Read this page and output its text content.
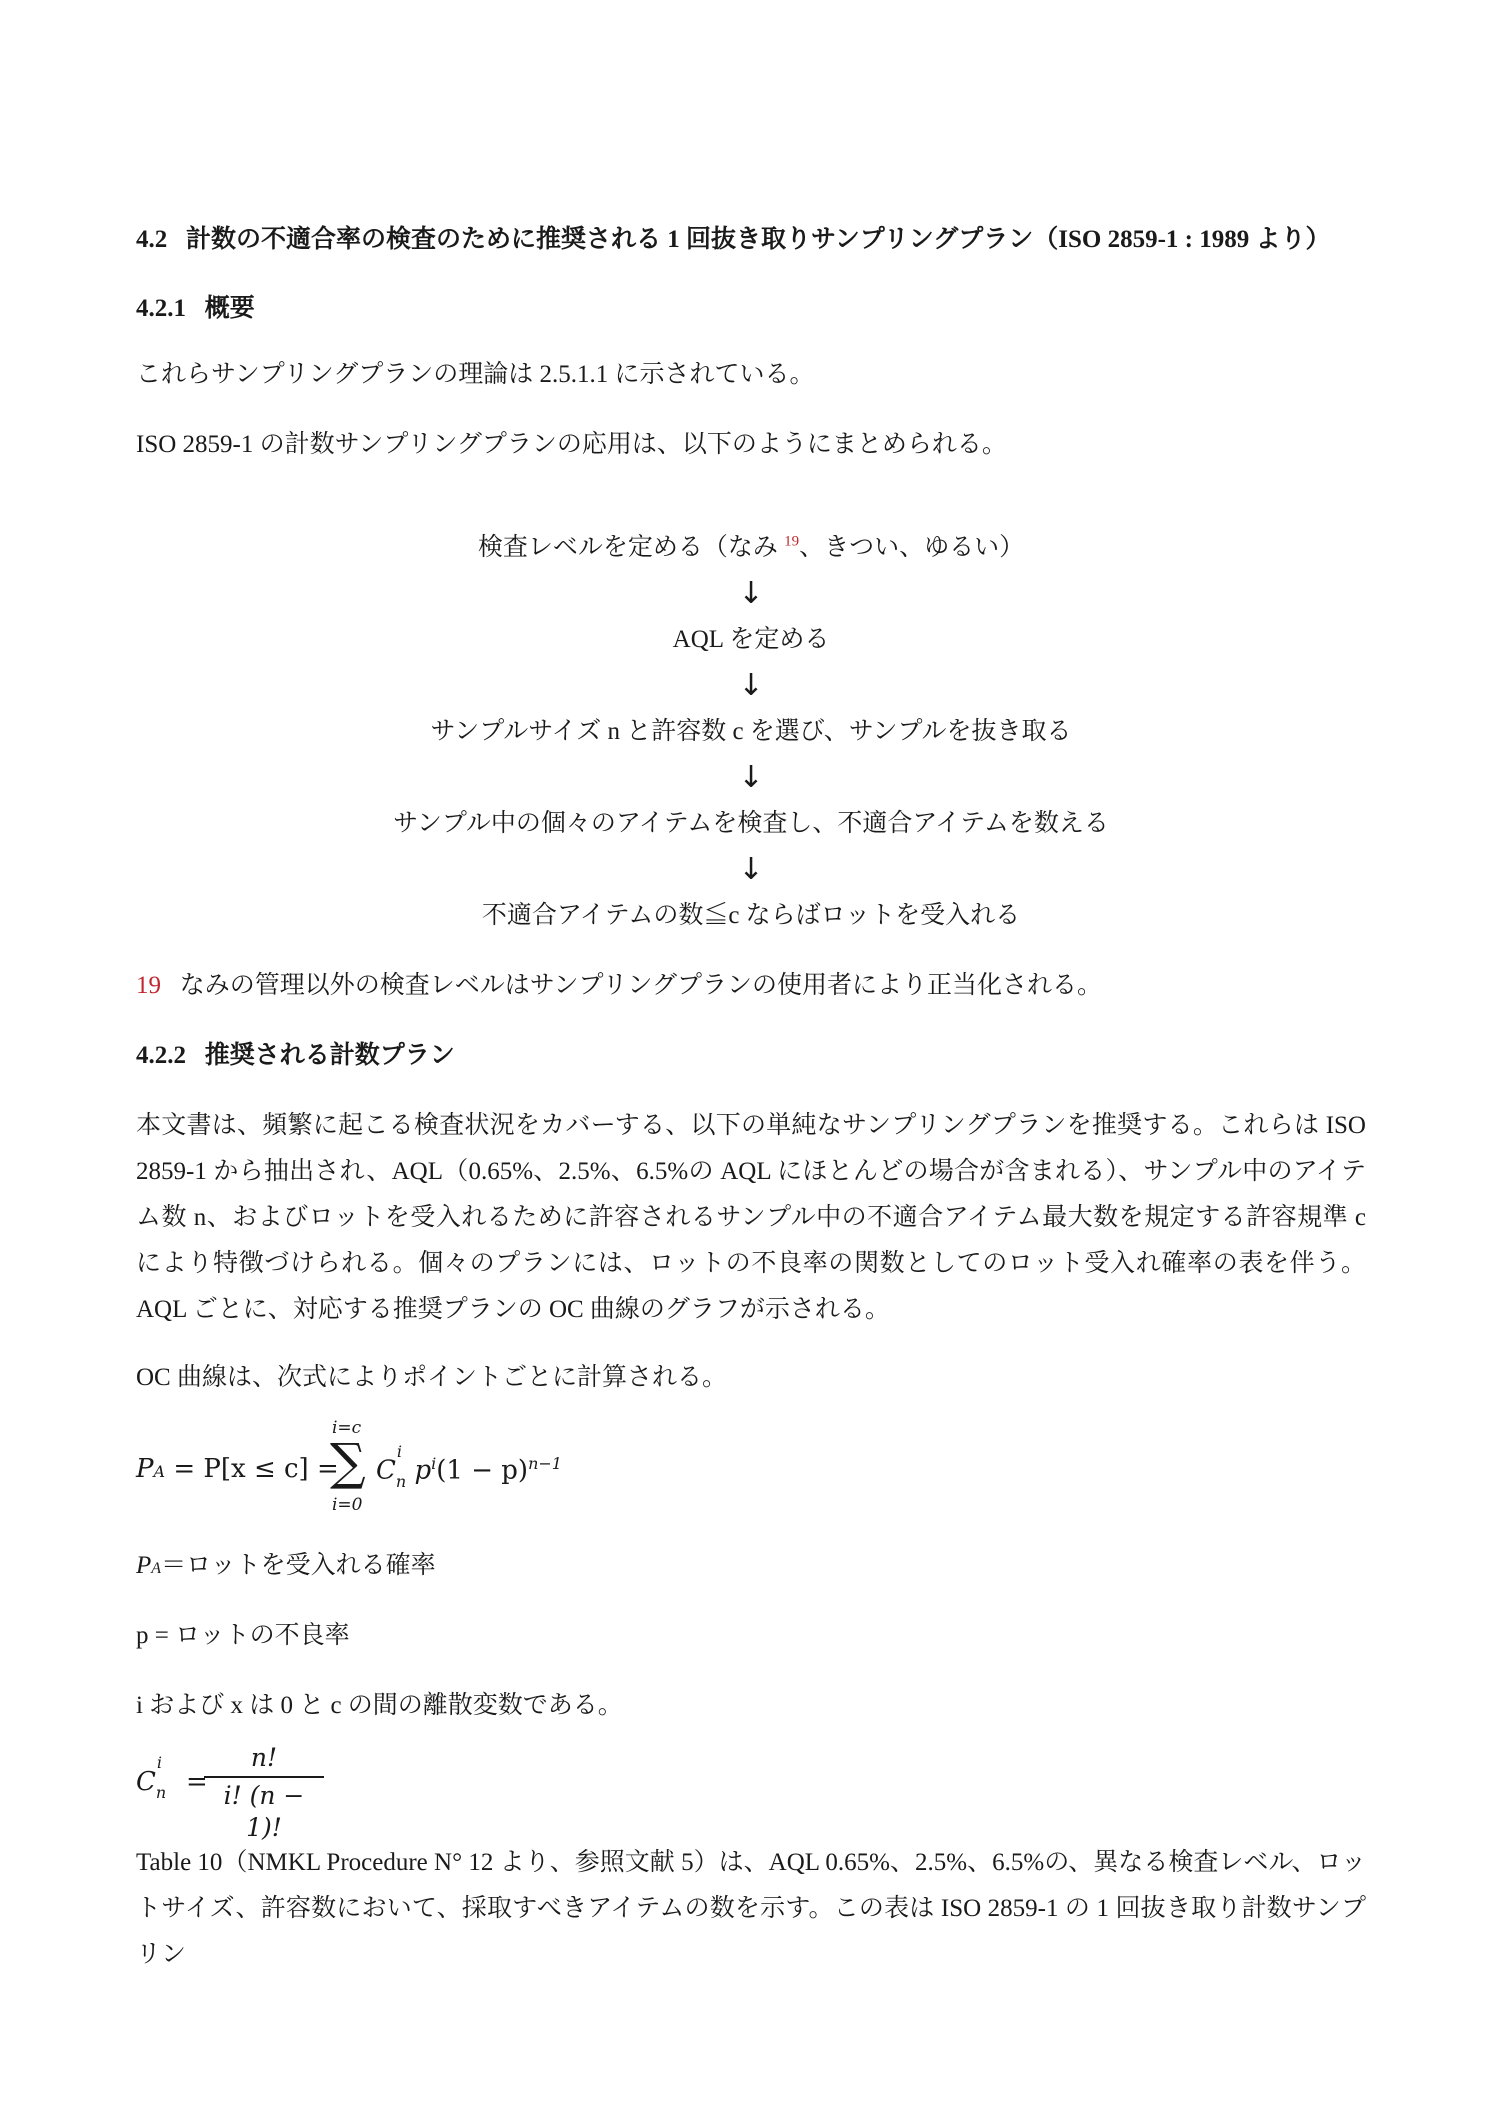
4.2 計数の不適合率の検査のために推奨される 1 回抜き取りサンプリングプラン（ISO 2859-1 : 1989 より）
4.2.1 概要
これらサンプリングプランの理論は 2.5.1.1 に示されている。
ISO 2859-1 の計数サンプリングプランの応用は、以下のようにまとめられる。
検査レベルを定める（なみ $^{19}$、きつい、ゆるい）
↓
AQL を定める
↓
サンプルサイズ n と許容数 c を選び、サンプルを抜き取る
↓
サンプル中の個々のアイテムを検査し、不適合アイテムを数える
↓
不適合アイテムの数≦c ならばロットを受入れる
19 なみの管理以外の検査レベルはサンプリングプランの使用者により正当化される。
4.2.2 推奨される計数プラン
本文書は、頻繁に起こる検査状況をカバーする、以下の単純なサンプリングプランを推奨する。これらは ISO 2859-1 から抽出され、AQL（0.65%、2.5%、6.5%の AQL にほとんどの場合が含まれる）、サンプル中のアイテム数 n、およびロットを受入れるために許容されるサンプル中の不適合アイテム最大数を規定する許容規準 c により特徴づけられる。個々のプランには、ロットの不良率の関数としてのロット受入れ確率の表を伴う。AQL ごとに、対応する推奨プランの OC 曲線のグラフが示される。
OC 曲線は、次式によりポイントごとに計算される。
PA = P[x ≤ c] =
i=c
∑
i=0
C
i
$_n$ $p^i(1 - p)^{n-1}$
PA＝ロットを受入れる確率
p = ロットの不良率
i および x は 0 と c の間の離散変数である。
C
i
$_n$ =
n!
i! (n − 1)!
Table 10（NMKL Procedure N° 12 より、参照文献 5）は、AQL 0.65%、2.5%、6.5%の、異なる検査レベル、ロットサイズ、許容数において、採取すべきアイテムの数を示す。この表は ISO 2859-1 の 1 回抜き取り計数サンプリン
